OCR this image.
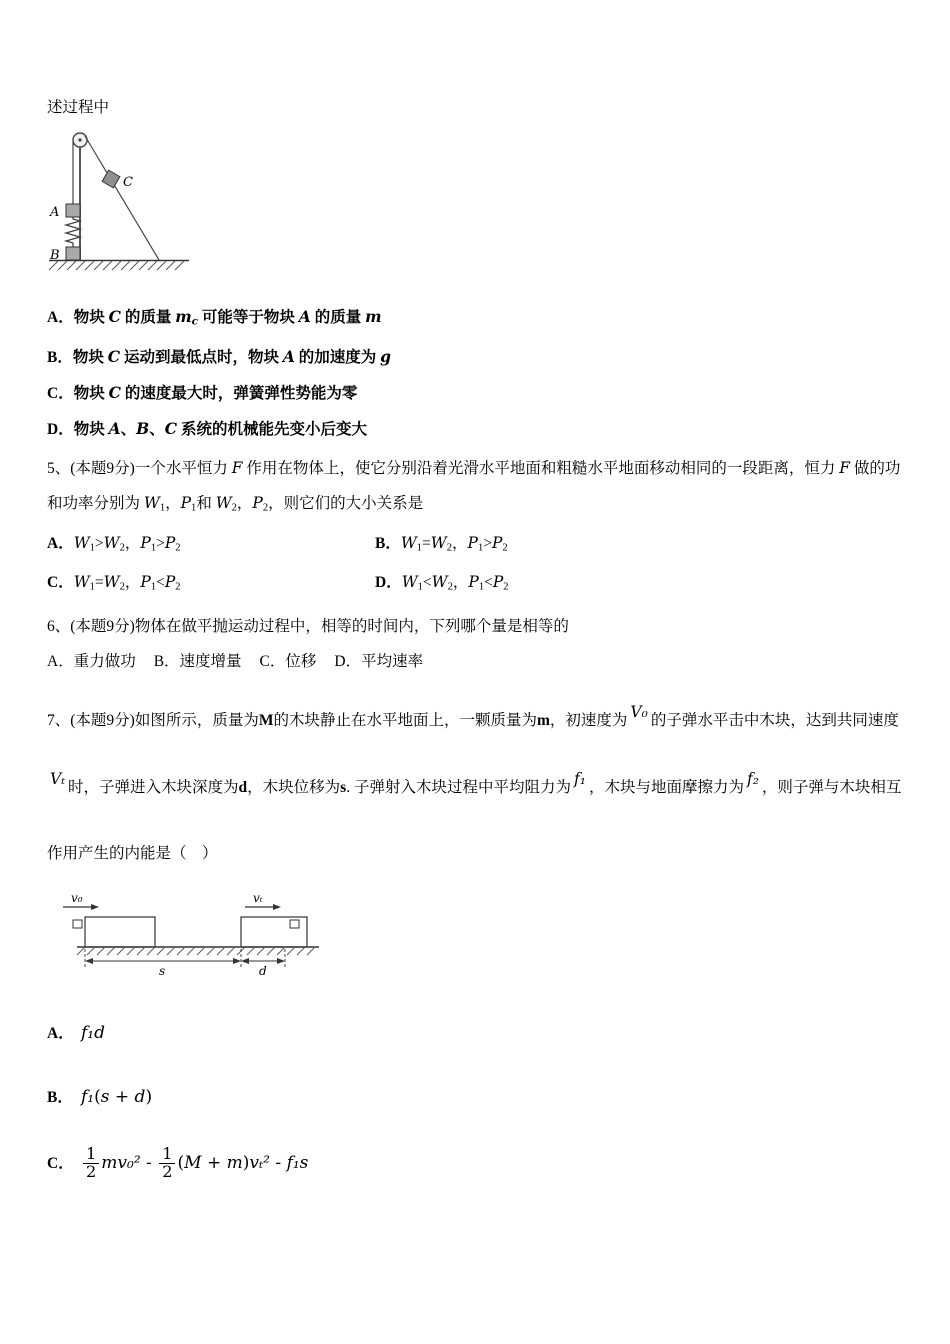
述过程中

A
B
C
A．物块 C 的质量 $m_c$ 可能等于物块 A 的质量 m
B．物块 C 运动到最低点时，物块 A 的加速度为 g
C．物块 C 的速度最大时，弹簧弹性势能为零
D．物块 A、B、C 系统的机械能先变小后变大
5、(本题9分)一个水平恒力 F 作用在物体上，使它分别沿着光滑水平地面和粗糙水平地面移动相同的一段距离，恒力 F 做的功和功率分别为 $W_1$，$P_1$和 $W_2$，$P_2$，则它们的大小关系是
A．$W_1>W_2$，$P_1>P_2$	B．$W_1=W_2$，$P_1>P_2$
C．$W_1=W_2$，$P_1<P_2$	D．$W_1<W_2$，$P_1<P_2$
6、(本题9分)物体在做平抛运动过程中，相等的时间内，下列哪个量是相等的
A．重力做功 B．速度增量 C．位移 D．平均速率
7、(本题9分)如图所示，质量为M的木块静止在水平地面上，一颗质量为m，初速度为 V₀ 的子弹水平击中木块，达到共同速度Vₜ 时，子弹进入木块深度为d，木块位移为s. 子弹射入木块过程中平均阻力为 f₁ ，木块与地面摩擦力为 f₂ ，则子弹与木块相互作用产生的内能是（　）
v₀	vₜ
s	d
A． f₁d
B． f₁(s + d)
C． $\frac{1}{2} mv_0^2 - \frac{1}{2} (M + m)v_t^2 - f_1s$
